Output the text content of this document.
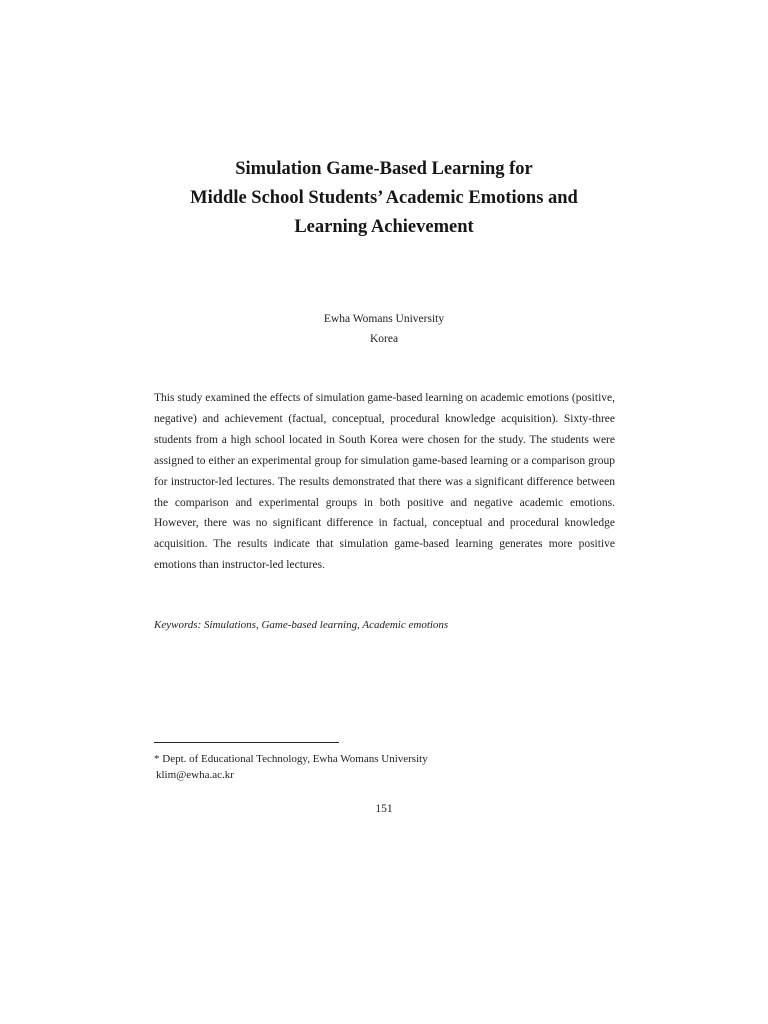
Simulation Game-Based Learning for
Middle School Students’ Academic Emotions and
Learning Achievement
Ewha Womans University
Korea

This study examined the effects of simulation game-based learning on academic emotions (positive, negative) and achievement (factual, conceptual, procedural knowledge acquisition). Sixty-three students from a high school located in South Korea were chosen for the study. The students were assigned to either an experimental group for simulation game-based learning or a comparison group for instructor-led lectures. The results demonstrated that there was a significant difference between the comparison and experimental groups in both positive and negative academic emotions. However, there was no significant difference in factual, conceptual and procedural knowledge acquisition. The results indicate that simulation game-based learning generates more positive emotions than instructor-led lectures.

Keywords: Simulations, Game-based learning, Academic emotions
* Dept. of Educational Technology, Ewha Womans University
klim@ewha.ac.kr
151
